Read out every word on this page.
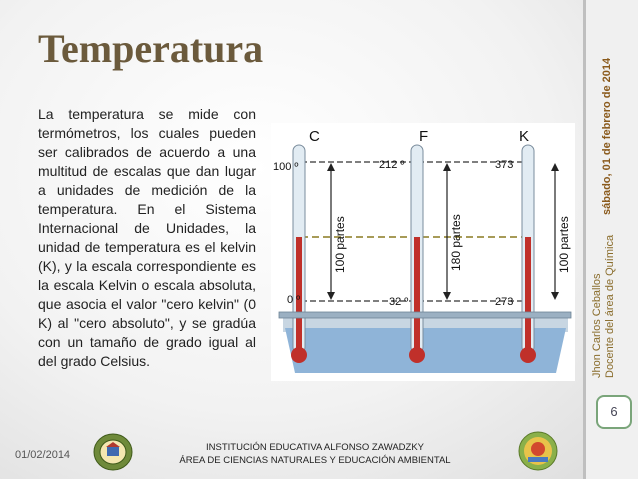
Temperatura
La temperatura se mide con termómetros, los cuales pueden ser calibrados de acuerdo a una multitud de escalas que dan lugar a unidades de medición de la temperatura. En el Sistema Internacional de Unidades, la unidad de temperatura es el kelvin (K), y la escala correspondiente es la escala Kelvin o escala absoluta, que asocia el valor "cero kelvin" (0 K) al "cero absoluto", y se gradúa con un tamaño de grado igual al del grado Celsius.
C	F	K
100 º
0 º
212 º
32 º
373
273
100 partes	180 partes	100 partes
sábado, 01 de febrero de 2014
Jhon Carlos Ceballos Docente del área de Química
6
01/02/2014
INSTITUCIÓN EDUCATIVA ALFONSO ZAWADZKY
ÁREA DE CIENCIAS NATURALES Y EDUCACIÓN AMBIENTAL
